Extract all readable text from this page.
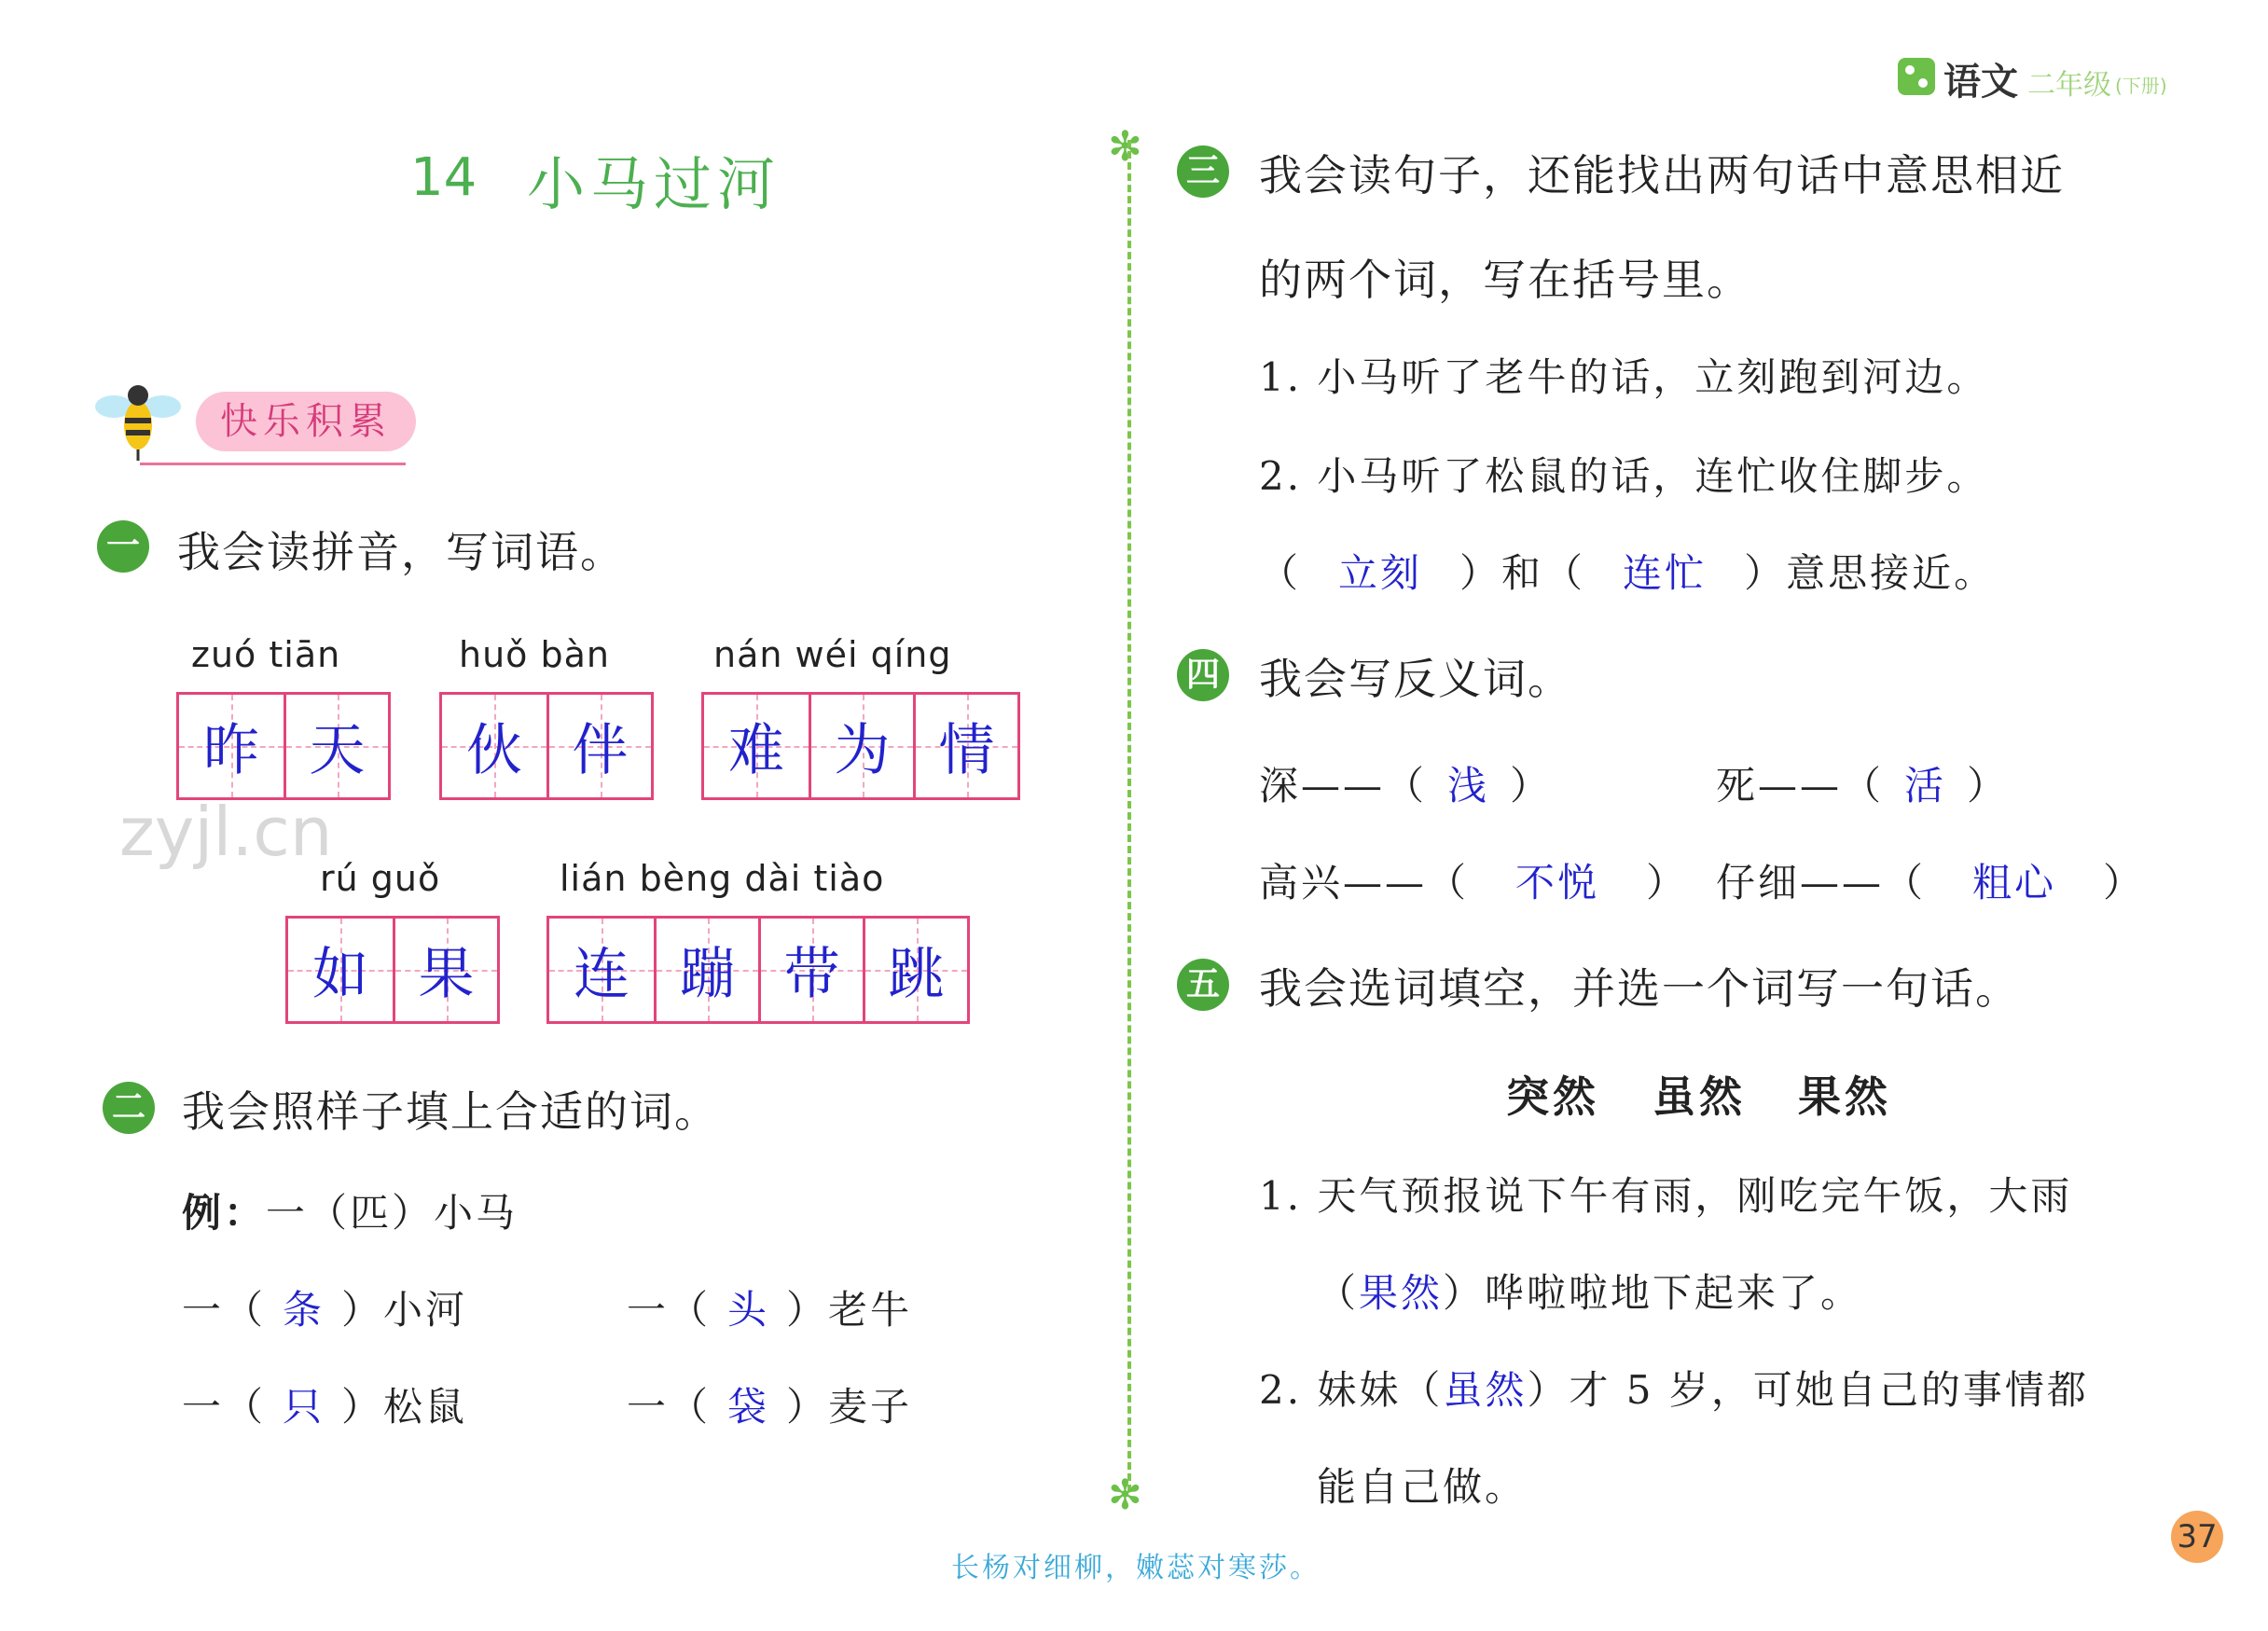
语文 二年级 (下册)
14 小马过河
快乐积累
一 我会读拼音，写词语。
zuó tiān	huǒ bàn	nán wéi qíng
昨 天 伙 伴 难 为 情
zyjl.cn
rú guǒ	lián bèng dài tiào
如 果 连 蹦 带 跳
二 我会照样子填上合适的词。
例：一（匹）小马
一（ 条 ）小河	一（ 头 ）老牛
一（ 只 ）松鼠	一（ 袋 ）麦子
✻
✻
三 我会读句子，还能找出两句话中意思相近
的两个词，写在括号里。
1. 小马听了老牛的话，立刻跑到河边。
2. 小马听了松鼠的话，连忙收住脚步。
（ 立刻 ）和（ 连忙 ）意思接近。
四 我会写反义词。
深——（ 浅 ）	死——（ 活 ）
高兴——（ 不悦 ） 仔细——（ 粗心 ）
五 我会选词填空，并选一个词写一句话。
突然 虽然 果然
1. 天气预报说下午有雨，刚吃完午饭，大雨
（果然）哗啦啦地下起来了。
2. 妹妹（虽然）才 5 岁，可她自己的事情都
能自己做。
37
长杨对细柳，嫩蕊对寒莎。
